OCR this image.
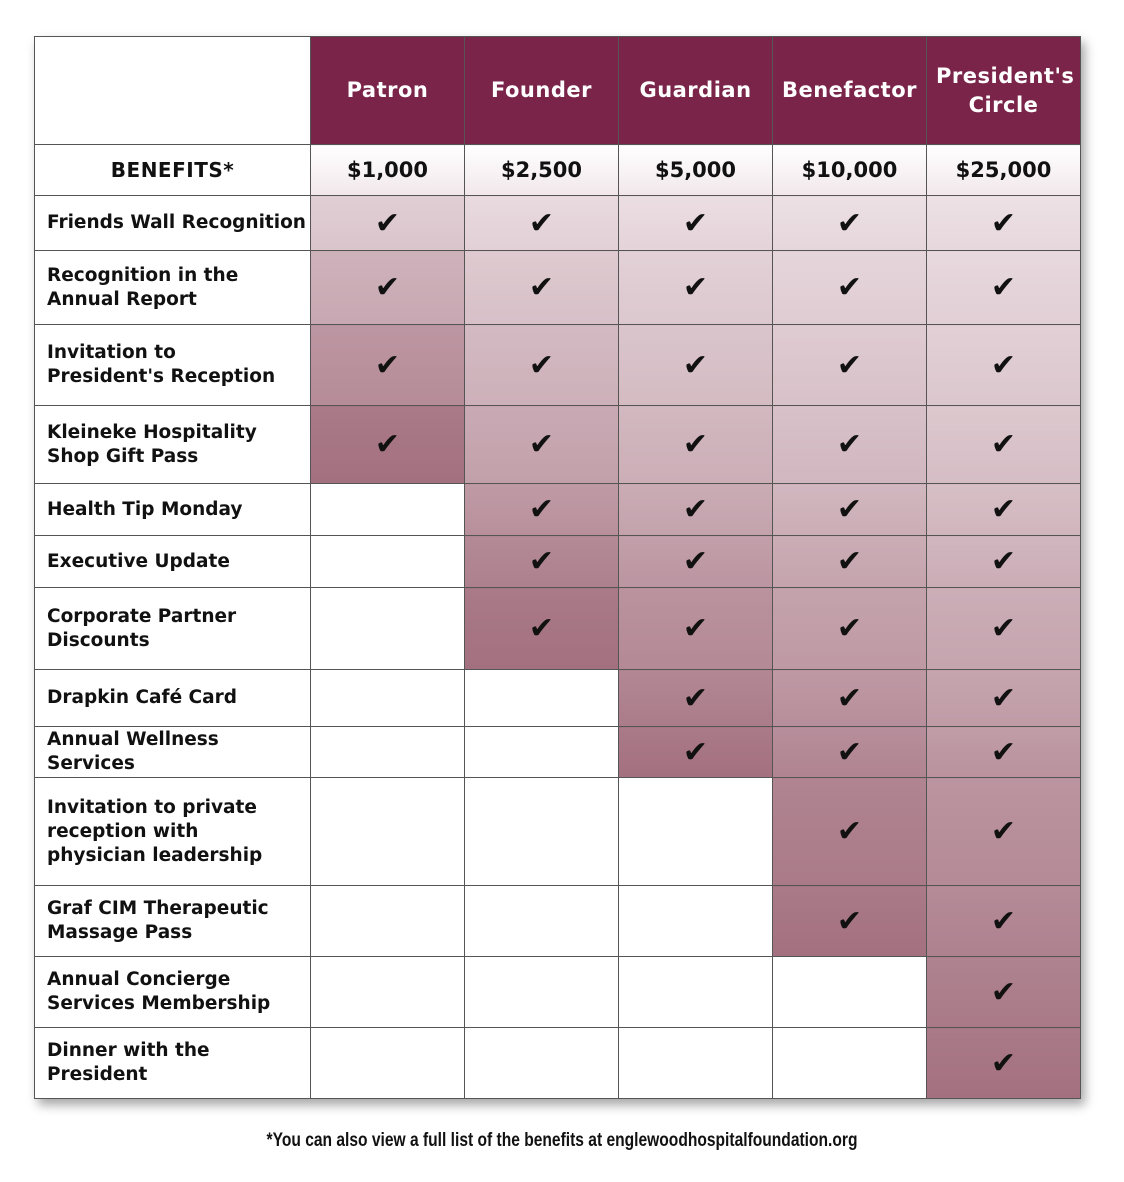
	Patron	Founder	Guardian	Benefactor	President's Circle
BENEFITS*	$1,000	$2,500	$5,000	$10,000	$25,000
Friends Wall Recognition	✔	✔	✔	✔	✔
Recognition in the
Annual Report	✔	✔	✔	✔	✔
Invitation to
President's Reception	✔	✔	✔	✔	✔
Kleineke Hospitality
Shop Gift Pass	✔	✔	✔	✔	✔
Health Tip Monday		✔	✔	✔	✔
Executive Update		✔	✔	✔	✔
Corporate Partner
Discounts		✔	✔	✔	✔
Drapkin Café Card			✔	✔	✔
Annual Wellness Services			✔	✔	✔
Invitation to private
reception with
physician leadership				✔	✔
Graf CIM Therapeutic
Massage Pass				✔	✔
Annual Concierge
Services Membership					✔
Dinner with the President					✔
*You can also view a full list of the benefits at englewoodhospitalfoundation.org
